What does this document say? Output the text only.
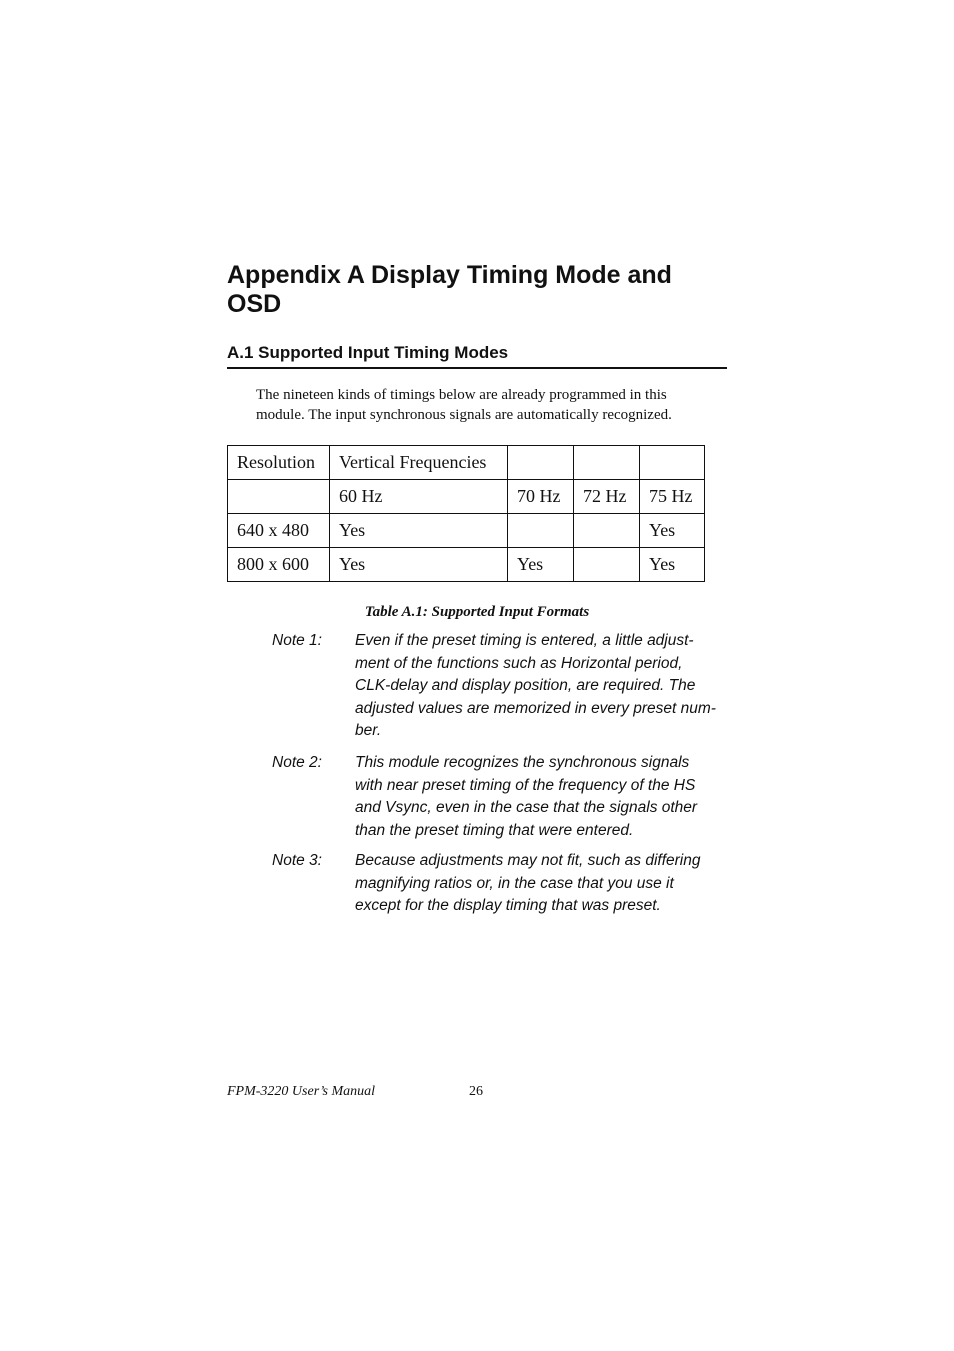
Appendix A Display Timing Mode and
OSD
A.1 Supported Input Timing Modes

The nineteen kinds of timings below are already programmed in this
module. The input synchronous signals are automatically recognized.

Resolution	Vertical Frequencies			
	60 Hz	70 Hz	72 Hz	75 Hz
640 x 480	Yes			Yes
800 x 600	Yes	Yes		Yes

Table A.1: Supported Input Formats

Note 1: Even if the preset timing is entered, a little adjust-
ment of the functions such as Horizontal period,
CLK-delay and display position, are required. The
adjusted values are memorized in every preset num-
ber.
Note 2: This module recognizes the synchronous signals
with near preset timing of the frequency of the HS
and Vsync, even in the case that the signals other
than the preset timing that were entered.
Note 3: Because adjustments may not fit, such as differing
magnifying ratios or, in the case that you use it
except for the display timing that was preset.
FPM-3220 User’s Manual	26
